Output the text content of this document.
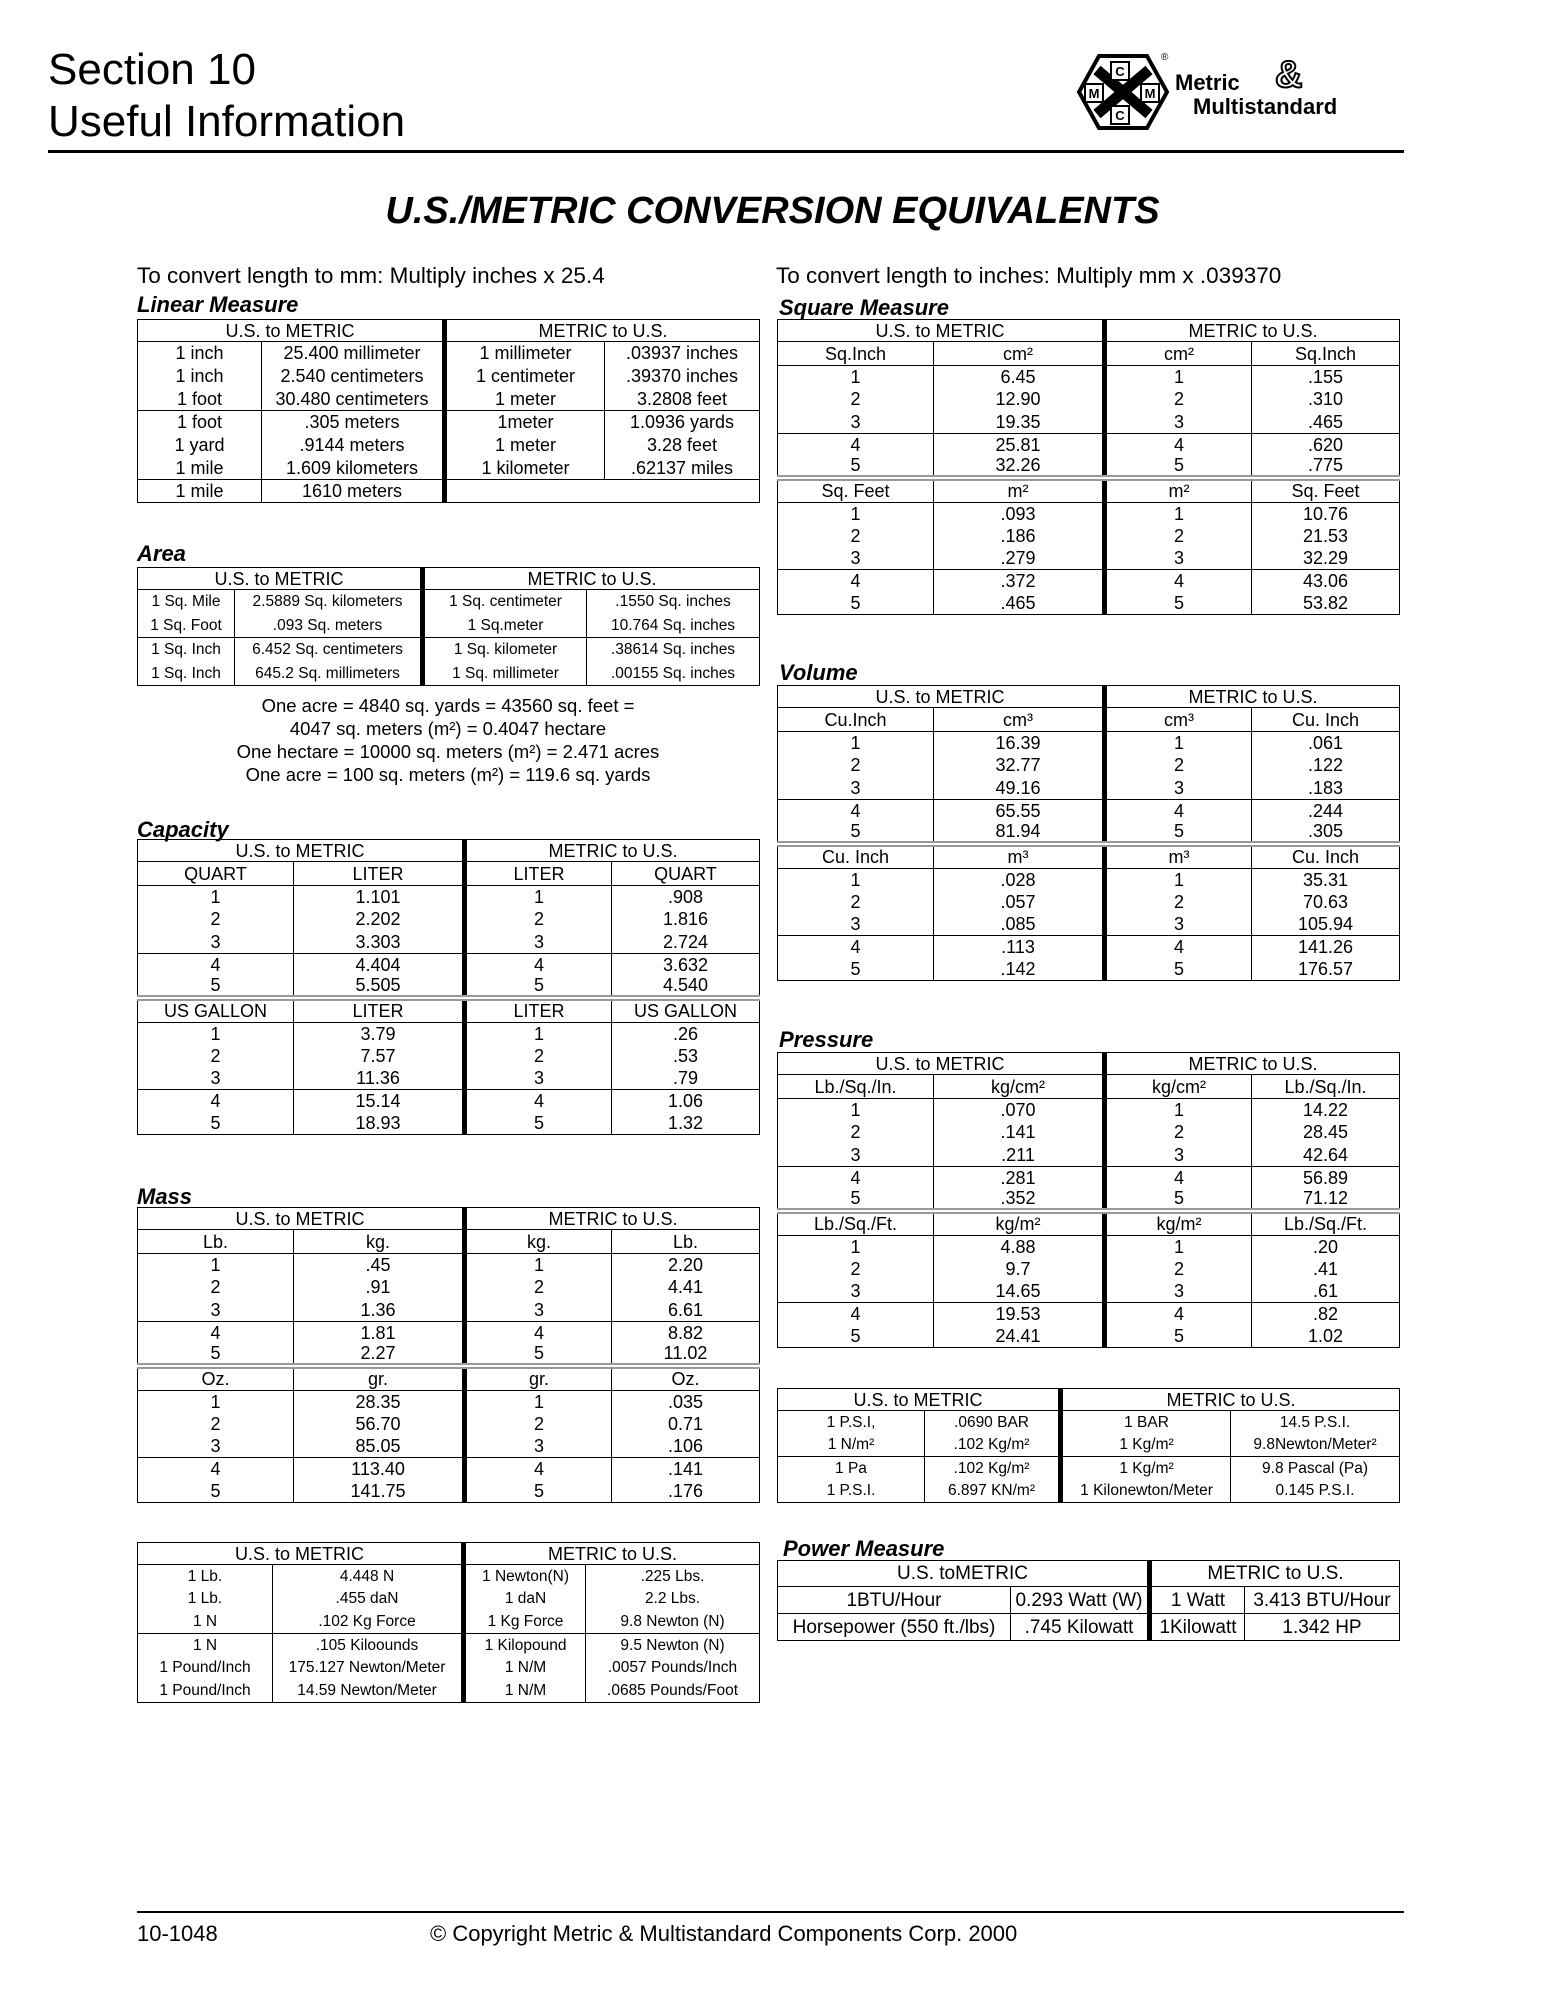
Section 10
Useful Information
C
M	M
C
®
Metric &
Multistandard
U.S./METRIC CONVERSION EQUIVALENTS
To convert length to mm: Multiply inches x 25.4	To convert length to inches: Multiply mm x .039370
Linear Measure
U.S. to METRIC		METRIC to U.S.	
1 inch	25.400 millimeter	1 millimeter	.03937 inches
1 inch	2.540 centimeters	1 centimeter	.39370 inches
1 foot	30.480 centimeters	1 meter	3.2808 feet
1 foot	.305 meters	1meter	1.0936 yards
1 yard	.9144 meters	1 meter	3.28 feet
1 mile	1.609 kilometers	1 kilometer	.62137 miles
1 mile	1610 meters		
Area
U.S. to METRIC		METRIC to U.S.	
1 Sq. Mile	2.5889 Sq. kilometers	1 Sq. centimeter	.1550 Sq. inches
1 Sq. Foot	.093 Sq. meters	1 Sq.meter	10.764 Sq. inches
1 Sq. Inch	6.452 Sq. centimeters	1 Sq. kilometer	.38614 Sq. inches
1 Sq. Inch	645.2 Sq. millimeters	1 Sq. millimeter	.00155 Sq. inches
One acre = 4840 sq. yards = 43560 sq. feet =
4047 sq. meters (m²) = 0.4047 hectare
One hectare = 10000 sq. meters (m²) = 2.471 acres
One acre = 100 sq. meters (m²) = 119.6 sq. yards
Capacity
U.S. to METRIC		METRIC to U.S.	
QUART	LITER	LITER	QUART
1	1.101	1	.908
2	2.202	2	1.816
3	3.303	3	2.724
4	4.404	4	3.632
5	5.505	5	4.540
US GALLON	LITER	LITER	US GALLON
1	3.79	1	.26
2	7.57	2	.53
3	11.36	3	.79
4	15.14	4	1.06
5	18.93	5	1.32
Mass
U.S. to METRIC		METRIC to U.S.	
Lb.	kg.	kg.	Lb.
1	.45	1	2.20
2	.91	2	4.41
3	1.36	3	6.61
4	1.81	4	8.82
5	2.27	5	11.02
Oz.	gr.	gr.	Oz.
1	28.35	1	.035
2	56.70	2	0.71
3	85.05	3	.106
4	113.40	4	.141
5	141.75	5	.176
U.S. to METRIC		METRIC to U.S.	
1 Lb.	4.448 N	1 Newton(N)	.225 Lbs.
1 Lb.	.455 daN	1 daN	2.2 Lbs.
1 N	.102 Kg Force	1 Kg Force	9.8 Newton (N)
1 N	.105 Kiloounds	1 Kilopound	9.5 Newton (N)
1 Pound/Inch	175.127 Newton/Meter	1 N/M	.0057 Pounds/Inch
1 Pound/Inch	14.59 Newton/Meter	1 N/M	.0685 Pounds/Foot
Square Measure
U.S. to METRIC		METRIC to U.S.	
Sq.Inch	cm²	cm²	Sq.Inch
1	6.45	1	.155
2	12.90	2	.310
3	19.35	3	.465
4	25.81	4	.620
5	32.26	5	.775
Sq. Feet	m²	m²	Sq. Feet
1	.093	1	10.76
2	.186	2	21.53
3	.279	3	32.29
4	.372	4	43.06
5	.465	5	53.82
Volume
U.S. to METRIC		METRIC to U.S.	
Cu.Inch	cm³	cm³	Cu. Inch
1	16.39	1	.061
2	32.77	2	.122
3	49.16	3	.183
4	65.55	4	.244
5	81.94	5	.305
Cu. Inch	m³	m³	Cu. Inch
1	.028	1	35.31
2	.057	2	70.63
3	.085	3	105.94
4	.113	4	141.26
5	.142	5	176.57
Pressure
U.S. to METRIC		METRIC to U.S.	
Lb./Sq./In.	kg/cm²	kg/cm²	Lb./Sq./In.
1	.070	1	14.22
2	.141	2	28.45
3	.211	3	42.64
4	.281	4	56.89
5	.352	5	71.12
Lb./Sq./Ft.	kg/m²	kg/m²	Lb./Sq./Ft.
1	4.88	1	.20
2	9.7	2	.41
3	14.65	3	.61
4	19.53	4	.82
5	24.41	5	1.02
U.S. to METRIC		METRIC to U.S.	
1 P.S.I,	.0690 BAR	1 BAR	14.5 P.S.I.
1 N/m²	.102 Kg/m²	1 Kg/m²	9.8Newton/Meter²
1 Pa	.102 Kg/m²	1 Kg/m²	9.8 Pascal (Pa)
1 P.S.I.	6.897 KN/m²	1 Kilonewton/Meter	0.145 P.S.I.
Power Measure
U.S. toMETRIC		METRIC to U.S.	
1BTU/Hour	0.293 Watt (W)	1 Watt	3.413 BTU/Hour
Horsepower (550 ft./lbs)	.745 Kilowatt	1Kilowatt	1.342 HP
10-1048	© Copyright Metric & Multistandard Components Corp. 2000
